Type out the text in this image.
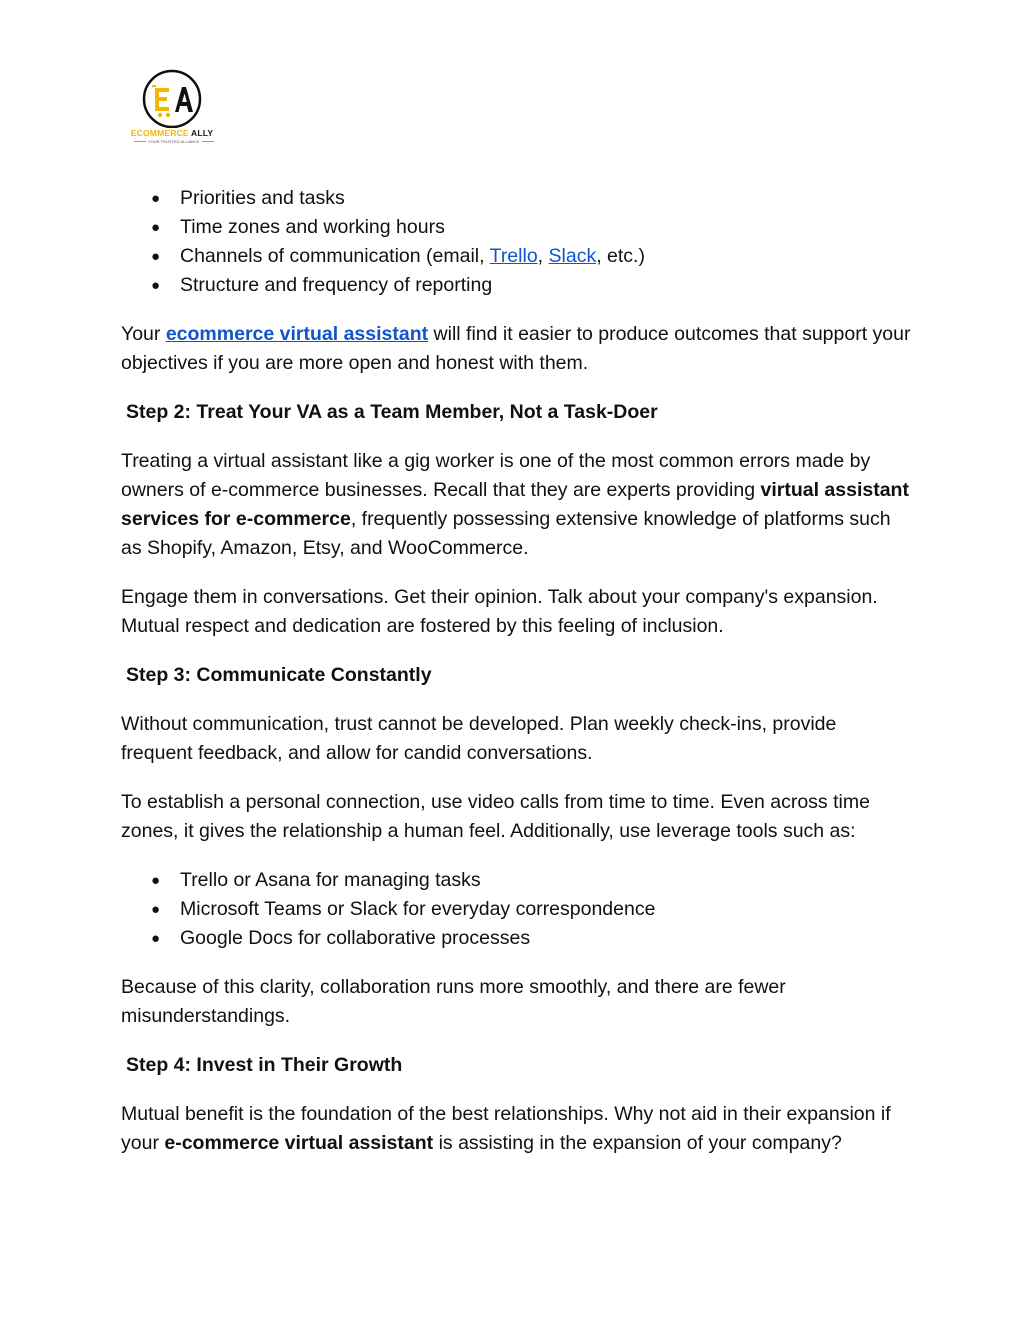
ECOMMERCE ALLY
YOUR TRUSTED ALLIANCE
● Priorities and tasks
● Time zones and working hours
● Channels of communication (email, Trello, Slack, etc.)
● Structure and frequency of reporting

Your ecommerce virtual assistant will find it easier to produce outcomes that support your objectives if you are more open and honest with them.

Step 2: Treat Your VA as a Team Member, Not a Task-Doer

Treating a virtual assistant like a gig worker is one of the most common errors made by owners of e-commerce businesses. Recall that they are experts providing virtual assistant services for e-commerce, frequently possessing extensive knowledge of platforms such as Shopify, Amazon, Etsy, and WooCommerce.

Engage them in conversations. Get their opinion. Talk about your company's expansion. Mutual respect and dedication are fostered by this feeling of inclusion.

Step 3: Communicate Constantly

Without communication, trust cannot be developed. Plan weekly check-ins, provide frequent feedback, and allow for candid conversations.

To establish a personal connection, use video calls from time to time. Even across time zones, it gives the relationship a human feel. Additionally, use leverage tools such as:

● Trello or Asana for managing tasks
● Microsoft Teams or Slack for everyday correspondence
● Google Docs for collaborative processes

Because of this clarity, collaboration runs more smoothly, and there are fewer misunderstandings.

Step 4: Invest in Their Growth

Mutual benefit is the foundation of the best relationships. Why not aid in their expansion if your e-commerce virtual assistant is assisting in the expansion of your company?
